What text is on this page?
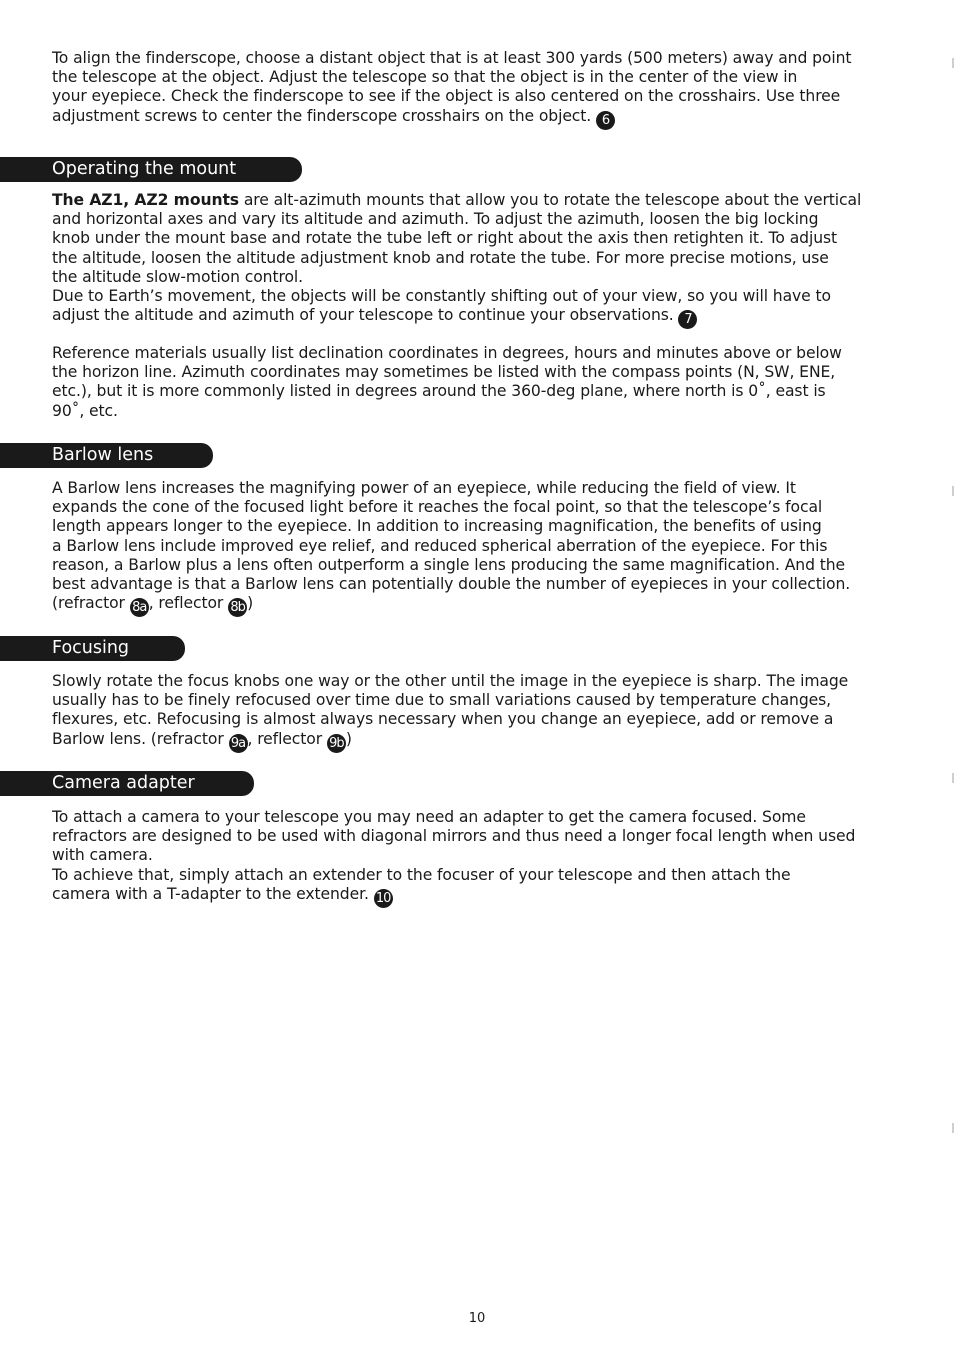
To align the finderscope, choose a distant object that is at least 300 yards (500 meters) away and point
the telescope at the object. Adjust the telescope so that the object is in the center of the view in
your eyepiece. Check the finderscope to see if the object is also centered on the crosshairs. Use three
adjustment screws to center the finderscope crosshairs on the object. 6
Operating the mount
The AZ1, AZ2 mounts are alt-azimuth mounts that allow you to rotate the telescope about the vertical
and horizontal axes and vary its altitude and azimuth. To adjust the azimuth, loosen the big locking
knob under the mount base and rotate the tube left or right about the axis then retighten it. To adjust
the altitude, loosen the altitude adjustment knob and rotate the tube. For more precise motions, use
the altitude slow-motion control.
Due to Earth’s movement, the objects will be constantly shifting out of your view, so you will have to
adjust the altitude and azimuth of your telescope to continue your observations. 7
Reference materials usually list declination coordinates in degrees, hours and minutes above or below
the horizon line. Azimuth coordinates may sometimes be listed with the compass points (N, SW, ENE,
etc.), but it is more commonly listed in degrees around the 360-deg plane, where north is 0˚, east is
90˚, etc.
Barlow lens
A Barlow lens increases the magnifying power of an eyepiece, while reducing the field of view. It
expands the cone of the focused light before it reaches the focal point, so that the telescope’s focal
length appears longer to the eyepiece. In addition to increasing magnification, the benefits of using
a Barlow lens include improved eye relief, and reduced spherical aberration of the eyepiece. For this
reason, a Barlow plus a lens often outperform a single lens producing the same magnification. And the
best advantage is that a Barlow lens can potentially double the number of eyepieces in your collection.
(refractor 8a , reflector 8b )
Focusing
Slowly rotate the focus knobs one way or the other until the image in the eyepiece is sharp. The image
usually has to be finely refocused over time due to small variations caused by temperature changes,
flexures, etc. Refocusing is almost always necessary when you change an eyepiece, add or remove a
Barlow lens. (refractor 9a , reflector 9b )
Camera adapter
To attach a camera to your telescope you may need an adapter to get the camera focused. Some
refractors are designed to be used with diagonal mirrors and thus need a longer focal length when used
with camera.
To achieve that, simply attach an extender to the focuser of your telescope and then attach the
camera with a T-adapter to the extender. 10
10
